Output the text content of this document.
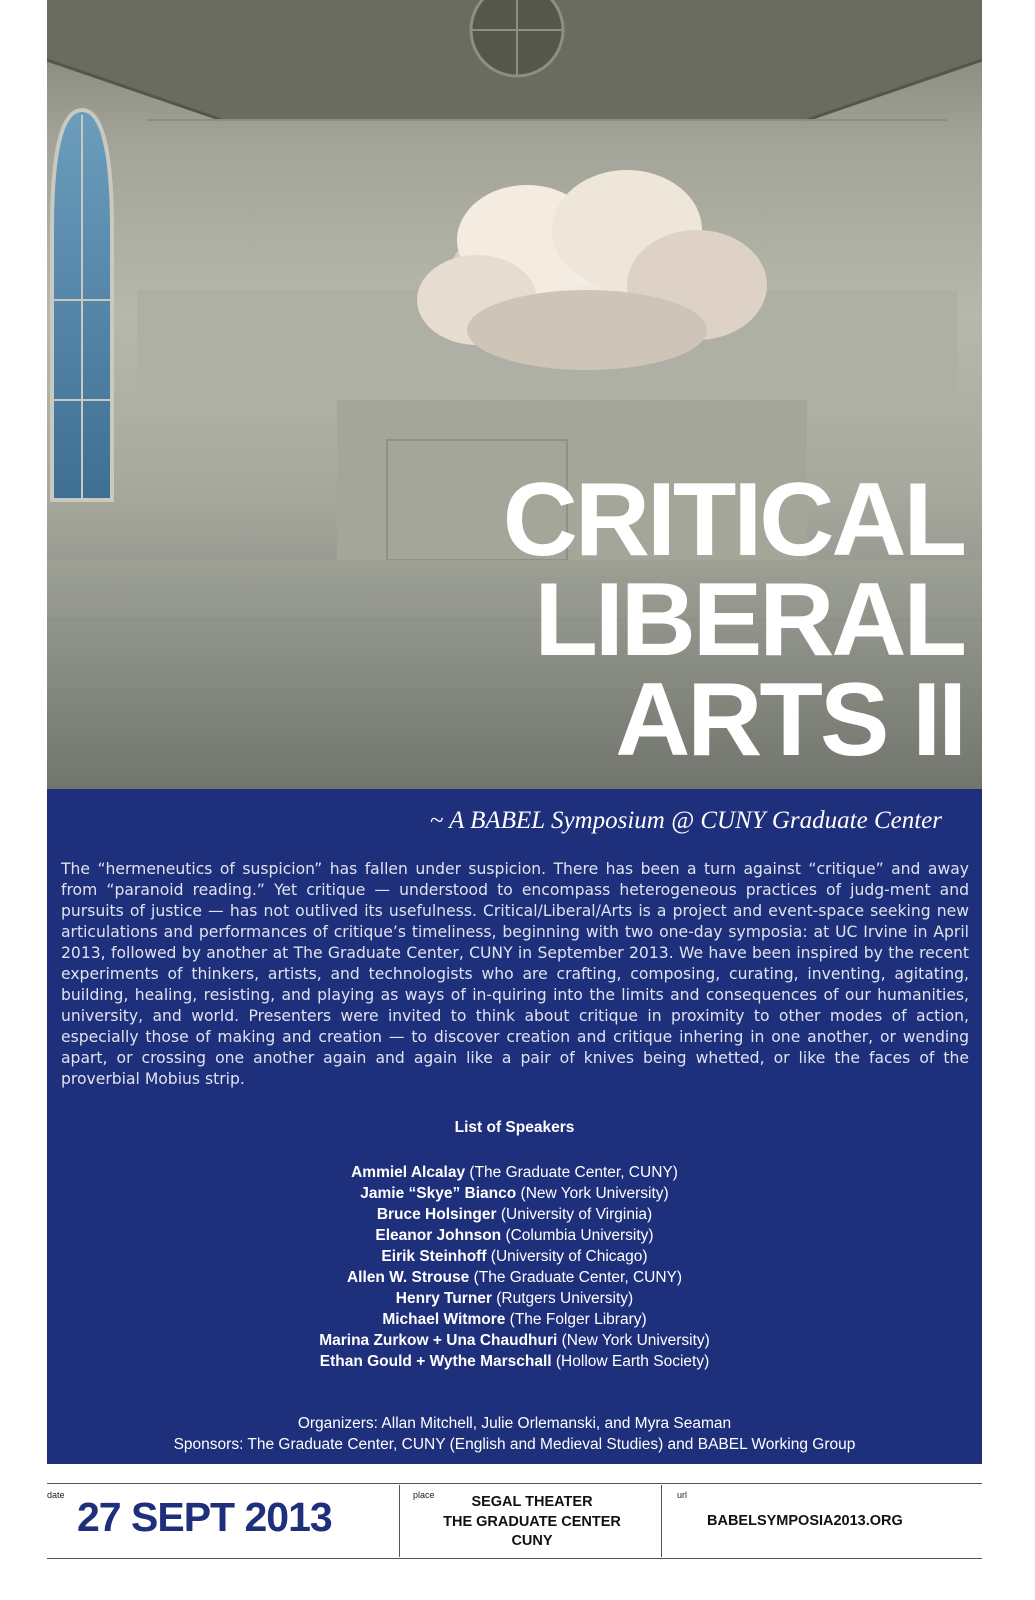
CRITICAL
LIBERAL
ARTS II
~ A BABEL Symposium @ CUNY Graduate Center

The “hermeneutics of suspicion” has fallen under suspicion. There has been a turn against “critique” and away from “paranoid reading.” Yet critique — understood to encompass heterogeneous practices of judg-ment and pursuits of justice — has not outlived its usefulness. Critical/Liberal/Arts is a project and event-space seeking new articulations and performances of critique’s timeliness, beginning with two one-day symposia: at UC Irvine in April 2013, followed by another at The Graduate Center, CUNY in September 2013. We have been inspired by the recent experiments of thinkers, artists, and technologists who are crafting, composing, curating, inventing, agitating, building, healing, resisting, and playing as ways of in-quiring into the limits and consequences of our humanities, university, and world. Presenters were invited to think about critique in proximity to other modes of action, especially those of making and creation — to discover creation and critique inhering in one another, or wending apart, or crossing one another again and again like a pair of knives being whetted, or like the faces of the proverbial Mobius strip.

List of Speakers
Ammiel Alcalay (The Graduate Center, CUNY)
Jamie “Skye” Bianco (New York University)
Bruce Holsinger (University of Virginia)
Eleanor Johnson (Columbia University)
Eirik Steinhoff (University of Chicago)
Allen W. Strouse (The Graduate Center, CUNY)
Henry Turner (Rutgers University)
Michael Witmore (The Folger Library)
Marina Zurkow + Una Chaudhuri (New York University)
Ethan Gould + Wythe Marschall (Hollow Earth Society)
Organizers: Allan Mitchell, Julie Orlemanski, and Myra Seaman
Sponsors: The Graduate Center, CUNY (English and Medieval Studies) and BABEL Working Group
date 27 SEPT 2013	place	SEGAL THEATER
THE GRADUATE CENTER
CUNY
url
BABELSYMPOSIA2013.ORG
